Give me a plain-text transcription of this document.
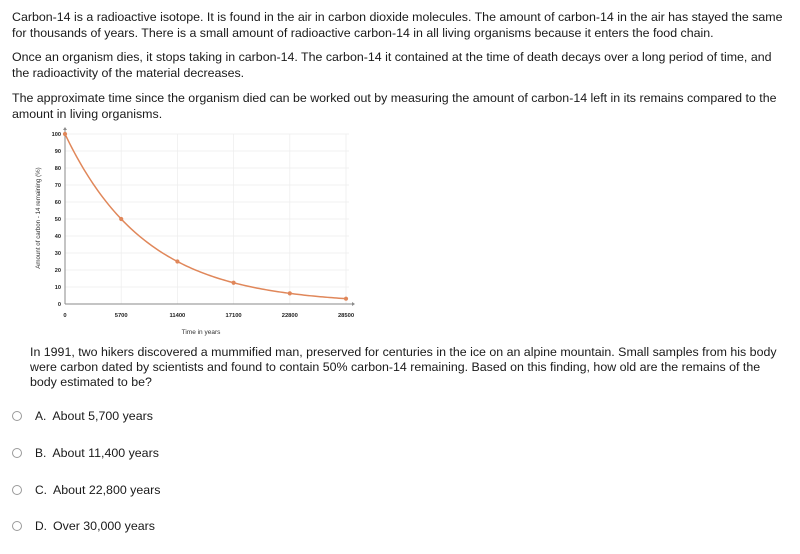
Carbon-14 is a radioactive isotope. It is found in the air in carbon dioxide molecules. The amount of carbon-14 in the air has stayed the same for thousands of years. There is a small amount of radioactive carbon-14 in all living organisms because it enters the food chain.

Once an organism dies, it stops taking in carbon-14. The carbon-14 it contained at the time of death decays over a long period of time, and the radioactivity of the material decreases.

The approximate time since the organism died can be worked out by measuring the amount of carbon-14 left in its remains compared to the amount in living organisms.

0
10
20
30
40
50
60
70
80
90
100
0	5700	11400	17100	22800	28500
Time in years
Amount of carbon - 14 remaining (%)

In 1991, two hikers discovered a mummified man, preserved for centuries in the ice on an alpine mountain. Small samples from his body were carbon dated by scientists and found to contain 50% carbon-14 remaining. Based on this finding, how old are the remains of the body estimated to be?

A. About 5,700 years
B. About 11,400 years
C. About 22,800 years
D. Over 30,000 years
